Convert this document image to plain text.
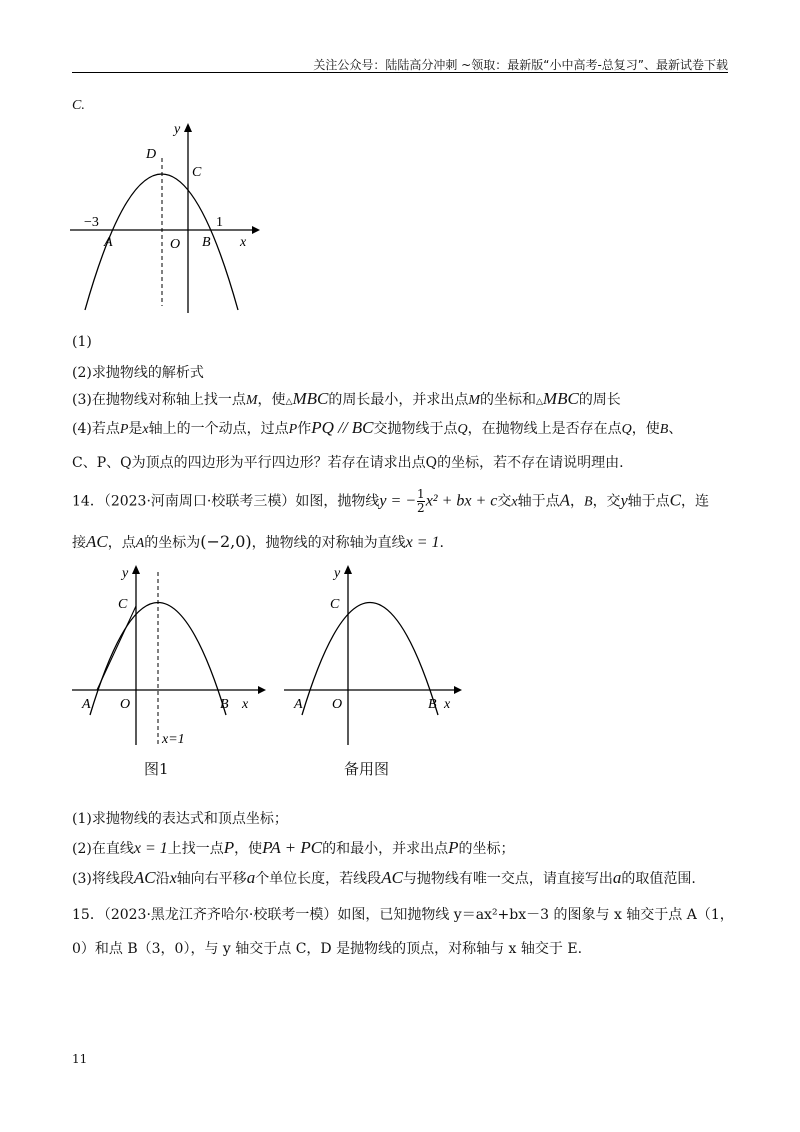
关注公众号：陆陆高分冲刺 ~领取：最新版“小中高考-总复习”、最新试卷下载
C.
y
x
D
C
A	O B
−3	1
(1)
(2)求抛物线的解析式
(3)在抛物线对称轴上找一点M，使△MBC的周长最小，并求出点M的坐标和△MBC的周长
(4)若点P是x轴上的一个动点，过点P作PQ // BC交抛物线于点Q，在抛物线上是否存在点Q，使B、
C、P、Q为顶点的四边形为平行四边形？若存在请求出点Q的坐标，若不存在请说明理由.
14．（2023·河南周口·校联考三模）如图，抛物线y = − $\frac{1}{2} x^2$ + bx + c交x轴于点A，B，交y轴于点C，连
接AC，点A的坐标为(−2,0)，抛物线的对称轴为直线x = 1.
y
x
C
A O	B
x=1
图1
y
x
C
A O	B
备用图
(1)求抛物线的表达式和顶点坐标；
(2)在直线x = 1上找一点P，使PA + PC的和最小，并求出点P的坐标；
(3)将线段AC沿x轴向右平移a个单位长度，若线段AC与抛物线有唯一交点，请直接写出a的取值范围.
15．（2023·黑龙江齐齐哈尔·校联考一模）如图，已知抛物线 y＝ax²+bx－3 的图象与 x 轴交于点 A（1，
0）和点 B（3，0），与 y 轴交于点 C，D 是抛物线的顶点，对称轴与 x 轴交于 E.
11
